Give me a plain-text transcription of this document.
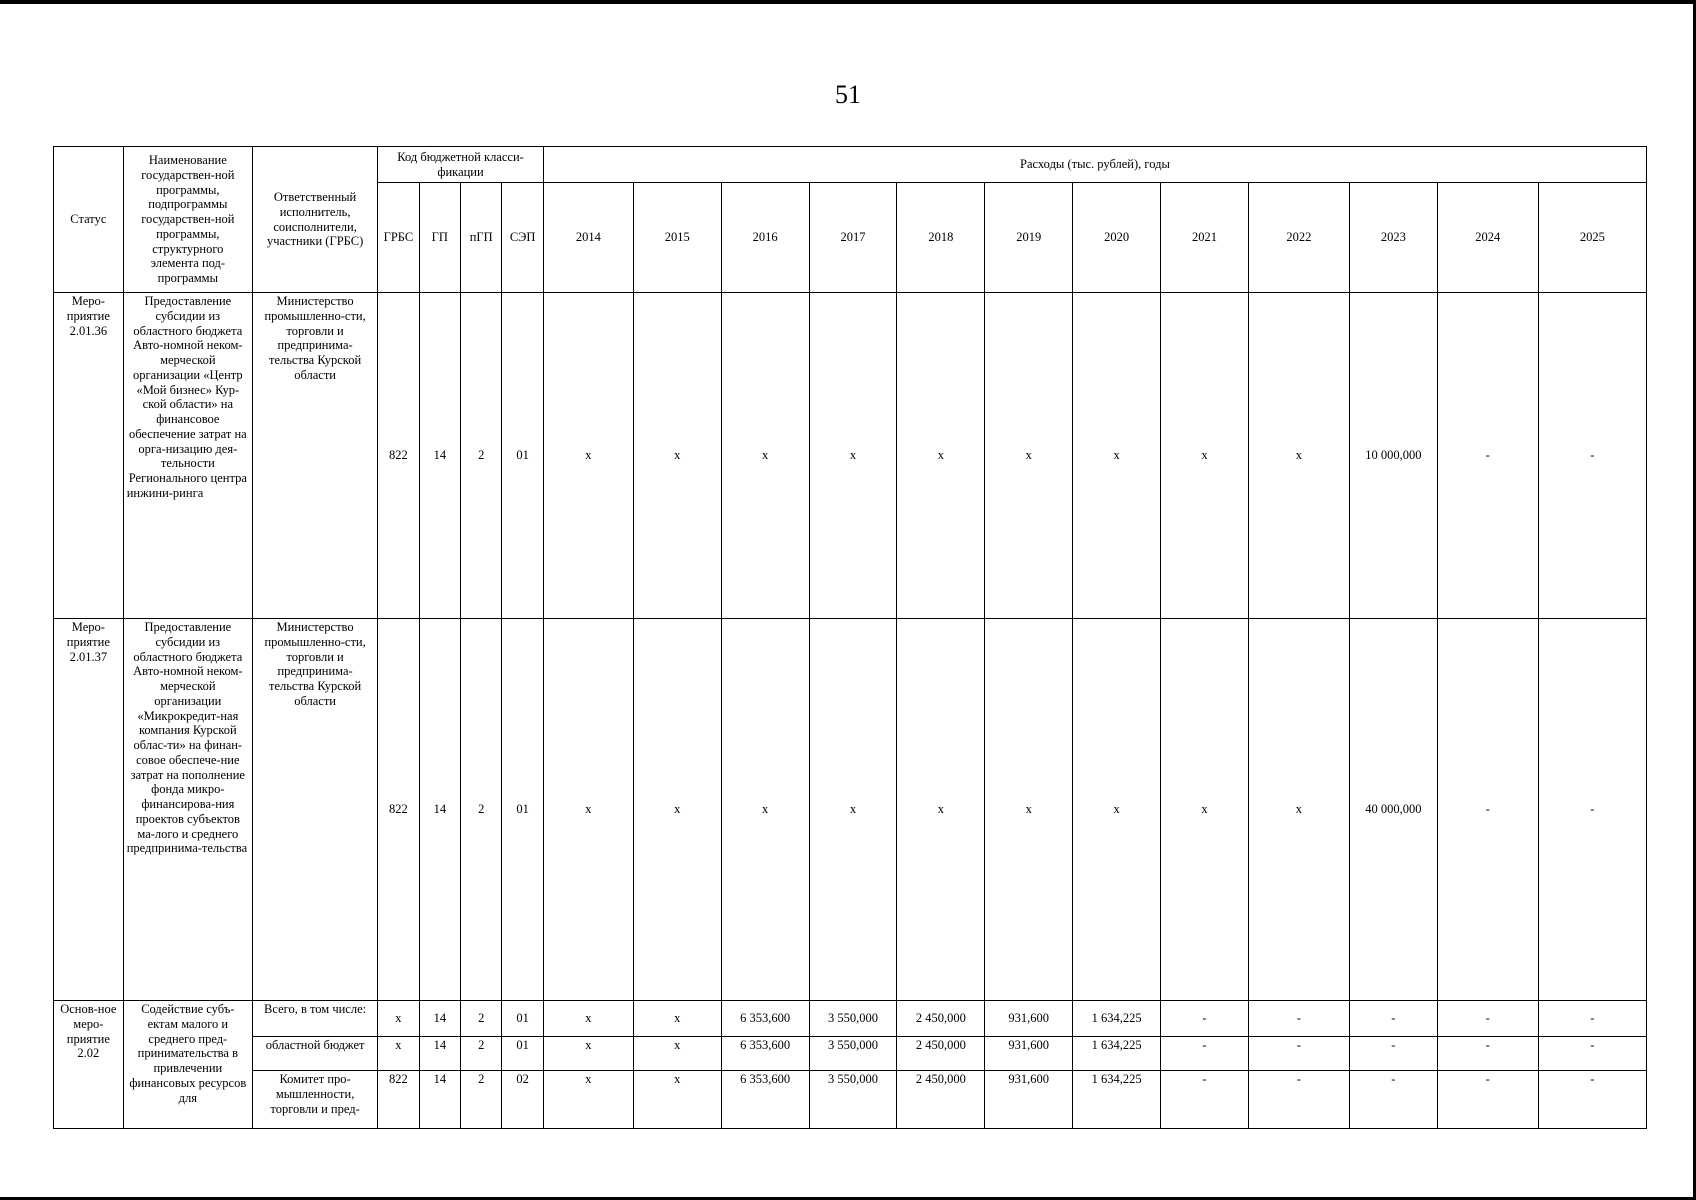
51
Статус	Наименование государствен-ной программы, подпрограммы государствен-ной программы, структурного элемента под-программы	Ответственный исполнитель, соисполнители, участники (ГРБС)	Код бюджетной класси-фикации				Расходы (тыс. рублей), годы											
			ГРБС	ГП	пГП	СЭП	2014	2015	2016	2017	2018	2019	2020	2021	2022	2023	2024	2025
Меро-приятие 2.01.36	Предоставление субсидии из областного бюджета Авто-номной неком-мерческой организации «Центр «Мой бизнес» Кур-ской области» на финансовое обеспечение затрат на орга-низацию дея-тельности Регионального центра инжини-ринга	Министерство промышленно-сти, торговли и предпринима-тельства Курской области	822	14	2	01	x	x	x	x	x	x	x	x	x	10 000,000	-	-
Меро-приятие 2.01.37	Предоставление субсидии из областного бюджета Авто-номной неком-мерческой организации «Микрокредит-ная компания Курской облас-ти» на финан-совое обеспече-ние затрат на пополнение фонда микро-финансирова-ния проектов субъектов ма-лого и среднего предпринима-тельства	Министерство промышленно-сти, торговли и предпринима-тельства Курской области	822	14	2	01	x	x	x	x	x	x	x	x	x	40 000,000	-	-
Основ-ное меро-приятие 2.02	Содействие субъ-ектам малого и среднего пред-принимательства в привлечении финансовых ресурсов для	Всего, в том числе:	x	14	2	01	x	x	6 353,600	3 550,000	2 450,000	931,600	1 634,225	-	-	-	-	-
		областной бюджет	x	14	2	01	x	x	6 353,600	3 550,000	2 450,000	931,600	1 634,225	-	-	-	-	-
		Комитет про-мышленности, торговли и пред-	822	14	2	02	x	x	6 353,600	3 550,000	2 450,000	931,600	1 634,225	-	-	-	-	-
